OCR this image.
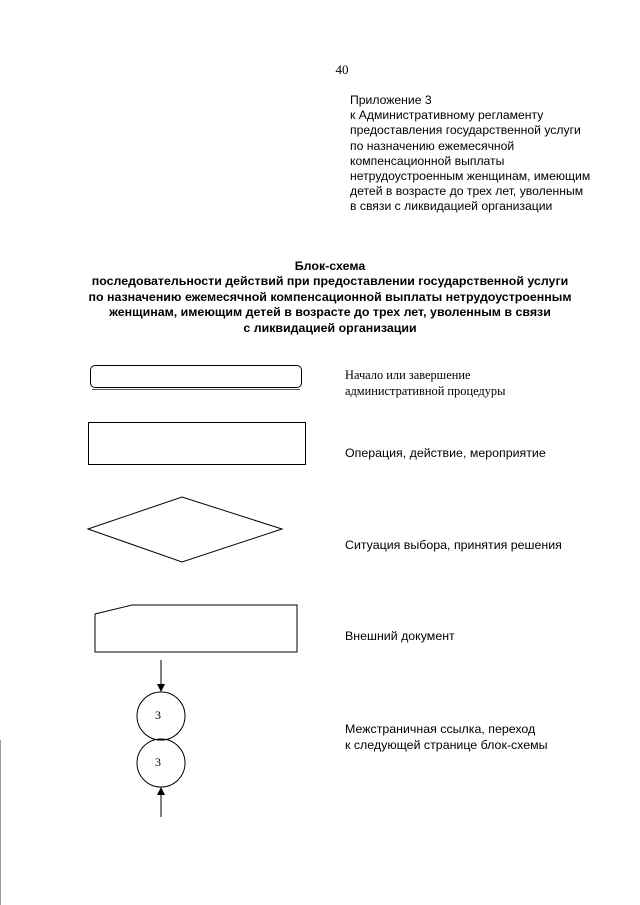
40
Приложение 3
к Административному регламенту
предоставления государственной услуги
по назначению ежемесячной
компенсационной выплаты
нетрудоустроенным женщинам, имеющим
детей в возрасте до трех лет, уволенным
в связи с ликвидацией организации
Блок-схема
последовательности действий при предоставлении государственной услуги
по назначению ежемесячной компенсационной выплаты нетрудоустроенным
женщинам, имеющим детей в возрасте до трех лет, уволенным в связи
с ликвидацией организации
Начало или завершение
административной процедуры
Операция, действие, мероприятие
3
3
Ситуация выбора, принятия решения
Внешний документ
Межстраничная ссылка, переход
к следующей странице блок-схемы
